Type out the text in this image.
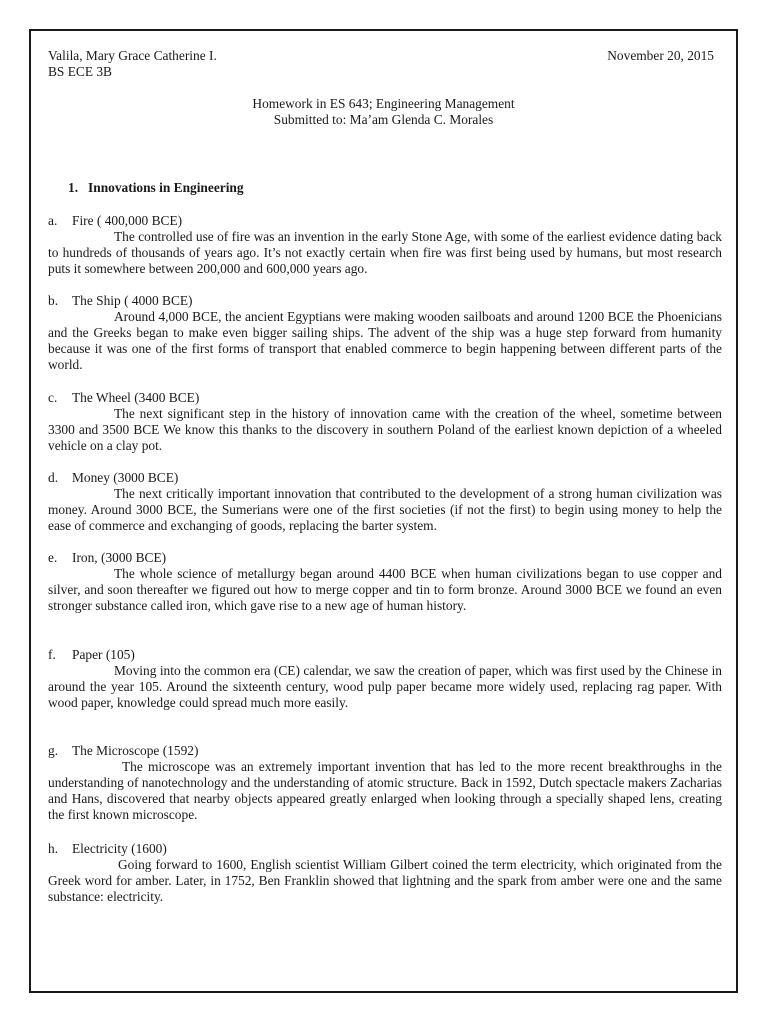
Valila, Mary Grace Catherine I.
BS ECE 3B
November 20, 2015
Homework in ES 643; Engineering Management
Submitted to: Ma’am Glenda C. Morales
1. Innovations in Engineering
a. Fire ( 400,000 BCE)
The controlled use of fire was an invention in the early Stone Age, with some of the earliest evidence dating back to hundreds of thousands of years ago. It’s not exactly certain when fire was first being used by humans, but most research puts it somewhere between 200,000 and 600,000 years ago.
b. The Ship ( 4000 BCE)
Around 4,000 BCE, the ancient Egyptians were making wooden sailboats and around 1200 BCE the Phoenicians and the Greeks began to make even bigger sailing ships. The advent of the ship was a huge step forward from humanity because it was one of the first forms of transport that enabled commerce to begin happening between different parts of the world.
c. The Wheel (3400 BCE)
The next significant step in the history of innovation came with the creation of the wheel, sometime between 3300 and 3500 BCE We know this thanks to the discovery in southern Poland of the earliest known depiction of a wheeled vehicle on a clay pot.
d. Money (3000 BCE)
The next critically important innovation that contributed to the development of a strong human civilization was money. Around 3000 BCE, the Sumerians were one of the first societies (if not the first) to begin using money to help the ease of commerce and exchanging of goods, replacing the barter system.
e. Iron, (3000 BCE)
The whole science of metallurgy began around 4400 BCE when human civilizations began to use copper and silver, and soon thereafter we figured out how to merge copper and tin to form bronze. Around 3000 BCE we found an even stronger substance called iron, which gave rise to a new age of human history.
f. Paper (105)
Moving into the common era (CE) calendar, we saw the creation of paper, which was first used by the Chinese in around the year 105. Around the sixteenth century, wood pulp paper became more widely used, replacing rag paper. With wood paper, knowledge could spread much more easily.
g. The Microscope (1592)
The microscope was an extremely important invention that has led to the more recent breakthroughs in the understanding of nanotechnology and the understanding of atomic structure. Back in 1592, Dutch spectacle makers Zacharias and Hans, discovered that nearby objects appeared greatly enlarged when looking through a specially shaped lens, creating the first known microscope.
h. Electricity (1600)
Going forward to 1600, English scientist William Gilbert coined the term electricity, which originated from the Greek word for amber. Later, in 1752, Ben Franklin showed that lightning and the spark from amber were one and the same substance: electricity.
